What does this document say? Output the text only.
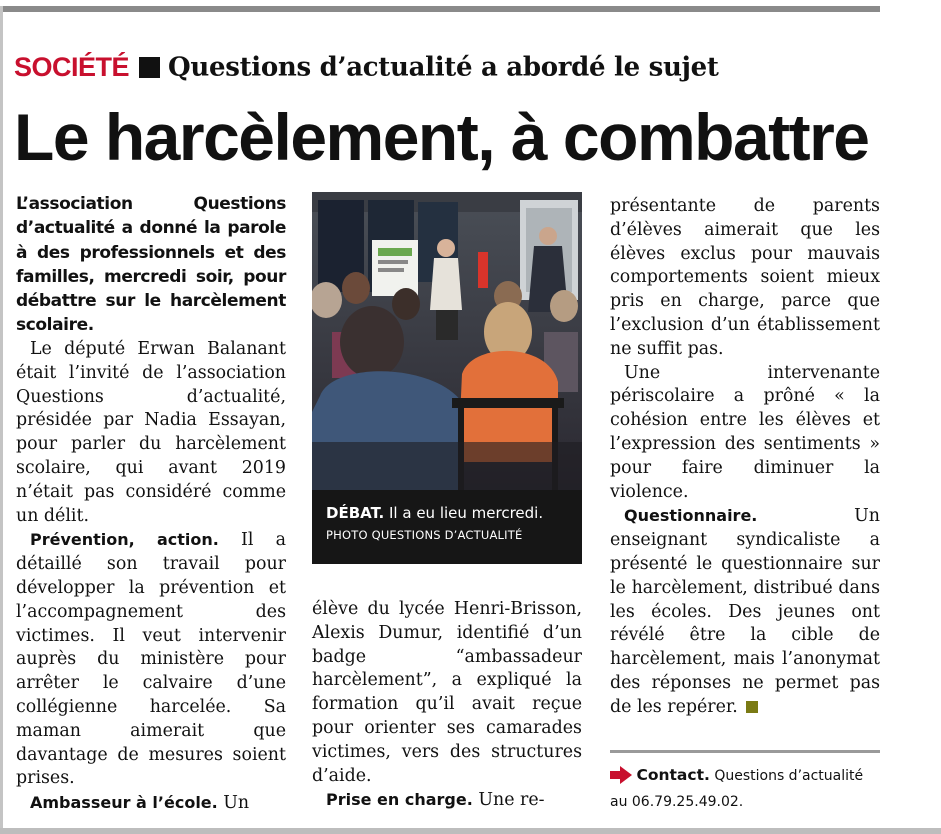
SOCIÉTÉ Questions d’actualité a abordé le sujet
Le harcèlement, à combattre

L’association Questions d’actualité a donné la parole à des professionnels et des familles, mercredi soir, pour débattre sur le harcèlement scolaire.

Le député Erwan Balanant était l’invité de l’association Questions d’actualité, présidée par Nadia Essayan, pour parler du harcèlement scolaire, qui avant 2019 n’était pas considéré comme un délit.

Prévention, action. Il a détaillé son travail pour développer la prévention et l’accompagnement des victimes. Il veut intervenir auprès du ministère pour arrêter le calvaire d’une collégienne harcelée. Sa maman aimerait que davantage de mesures soient prises.

Ambasseur à l’école. Un

DÉBAT. Il a eu lieu mercredi.
PHOTO QUESTIONS D’ACTUALITÉ

élève du lycée Henri-Brisson, Alexis Dumur, identifié d’un badge “ambassadeur harcèlement”, a expliqué la formation qu’il avait reçue pour orienter ses camarades victimes, vers des structures d’aide.

Prise en charge. Une re-

présentante de parents d’élèves aimerait que les élèves exclus pour mauvais comportements soient mieux pris en charge, parce que l’exclusion d’un établissement ne suffit pas.

Une intervenante périscolaire a prôné « la cohésion entre les élèves et l’expression des sentiments » pour faire diminuer la violence.

Questionnaire. Un enseignant syndicaliste a présenté le questionnaire sur le harcèlement, distribué dans les écoles. Des jeunes ont révélé être la cible de harcèlement, mais l’anonymat des réponses ne permet pas de les repérer.

Contact. Questions d’actualité au 06.79.25.49.02.
